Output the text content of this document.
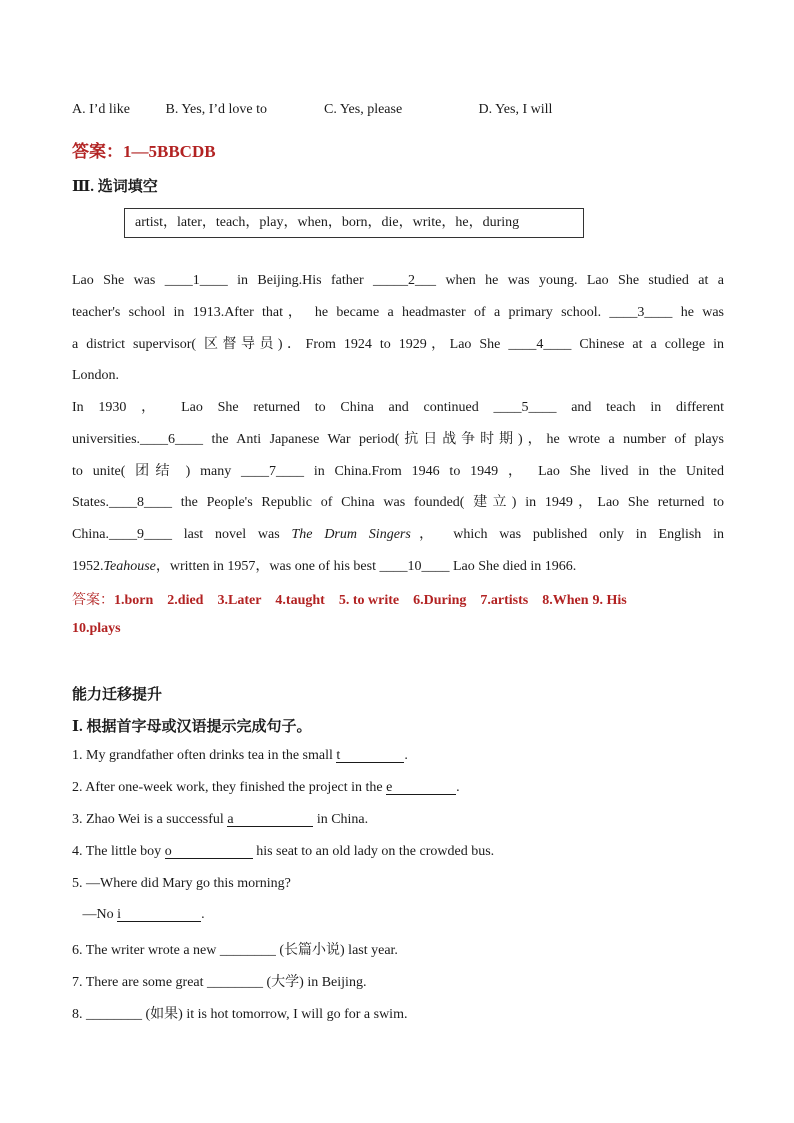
A. I’d like	B. Yes, I’d love to	C. Yes, please	D. Yes, I will
答案：1—5BBCDB
Ⅲ. 选词填空
artist，later，teach，play，when，born，die，write，he，during

Lao She was ____1____ in Beijing.His father _____2___ when he was young. Lao She studied at a

teacher's school in 1913.After that， he became a headmaster of a primary school. ____3____ he was

a district supervisor( 区督导员)．From 1924 to 1929，Lao She ____4____ Chinese at a college in

London.

In 1930 ， Lao She returned to China and continued ____5____ and teach in different

universities.____6____ the Anti Japanese War period(抗日战争时期)，he wrote a number of plays

to unite( 团结 ) many ____7____ in China.From 1946 to 1949 ， Lao She lived in the United

States.____8____ the People's Republic of China was founded( 建立) in 1949，Lao She returned to

China.____9____ last novel was The Drum Singers， which was published only in English in

1952.Teahouse，written in 1957，was one of his best ____10____ Lao She died in 1966.

答案：1.born 2.died 3.Later 4.taught 5. to write 6.During 7.artists 8.When 9. His
10.plays
能力迁移提升
Ⅰ. 根据首字母或汉语提示完成句子。
1. My grandfather often drinks tea in the small t	.
2. After one-week work, they finished the project in the e	.
3. Zhao Wei is a successful a	in China.
4. The little boy o	his seat to an old lady on the crowded bus.
5. —Where did Mary go this morning?
—No i	.
6. The writer wrote a new ________ (长篇小说) last year.
7. There are some great ________ (大学) in Beijing.
8. ________ (如果) it is hot tomorrow, I will go for a swim.
